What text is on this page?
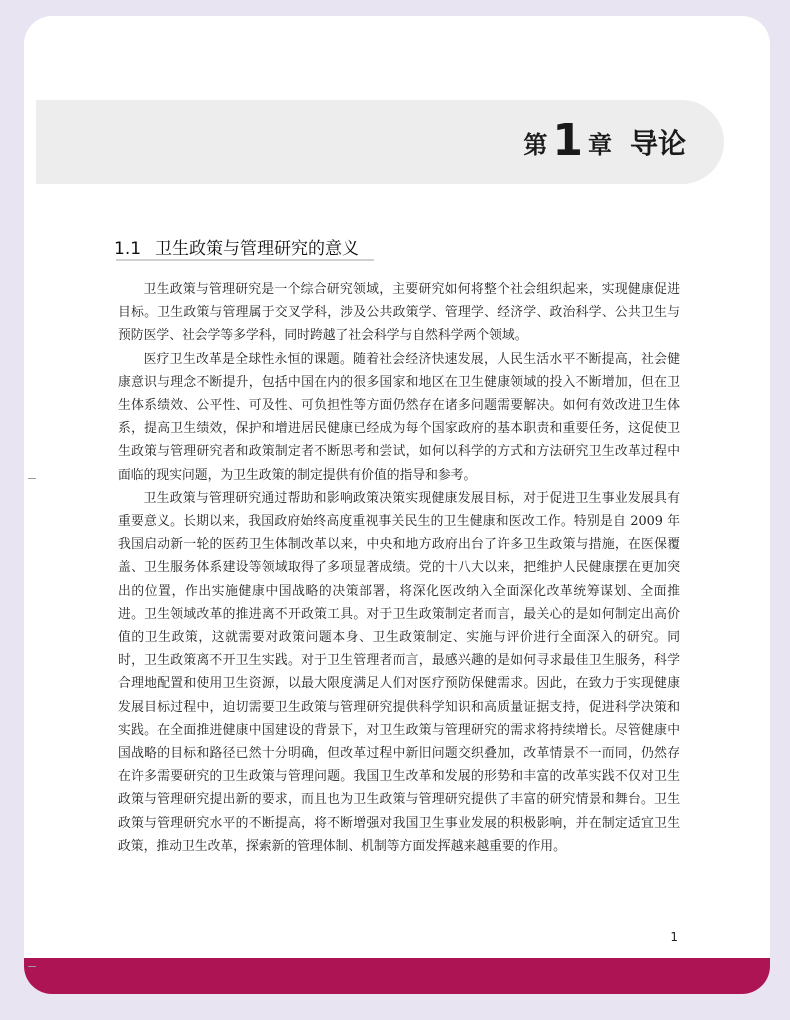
第 1 章 导论
1.1 卫生政策与管理研究的意义

卫生政策与管理研究是一个综合研究领域，主要研究如何将整个社会组织起来，实现健康促进目标。卫生政策与管理属于交叉学科，涉及公共政策学、管理学、经济学、政治科学、公共卫生与预防医学、社会学等多学科，同时跨越了社会科学与自然科学两个领域。

医疗卫生改革是全球性永恒的课题。随着社会经济快速发展，人民生活水平不断提高，社会健康意识与理念不断提升，包括中国在内的很多国家和地区在卫生健康领域的投入不断增加，但在卫生体系绩效、公平性、可及性、可负担性等方面仍然存在诸多问题需要解决。如何有效改进卫生体系，提高卫生绩效，保护和增进居民健康已经成为每个国家政府的基本职责和重要任务，这促使卫生政策与管理研究者和政策制定者不断思考和尝试，如何以科学的方式和方法研究卫生改革过程中面临的现实问题，为卫生政策的制定提供有价值的指导和参考。

卫生政策与管理研究通过帮助和影响政策决策实现健康发展目标，对于促进卫生事业发展具有重要意义。长期以来，我国政府始终高度重视事关民生的卫生健康和医改工作。特别是自 2009 年我国启动新一轮的医药卫生体制改革以来，中央和地方政府出台了许多卫生政策与措施，在医保覆盖、卫生服务体系建设等领域取得了多项显著成绩。党的十八大以来，把维护人民健康摆在更加突出的位置，作出实施健康中国战略的决策部署，将深化医改纳入全面深化改革统筹谋划、全面推进。卫生领域改革的推进离不开政策工具。对于卫生政策制定者而言，最关心的是如何制定出高价值的卫生政策，这就需要对政策问题本身、卫生政策制定、实施与评价进行全面深入的研究。同时，卫生政策离不开卫生实践。对于卫生管理者而言，最感兴趣的是如何寻求最佳卫生服务，科学合理地配置和使用卫生资源，以最大限度满足人们对医疗预防保健需求。因此，在致力于实现健康发展目标过程中，迫切需要卫生政策与管理研究提供科学知识和高质量证据支持，促进科学决策和实践。在全面推进健康中国建设的背景下，对卫生政策与管理研究的需求将持续增长。尽管健康中国战略的目标和路径已然十分明确，但改革过程中新旧问题交织叠加，改革情景不一而同，仍然存在许多需要研究的卫生政策与管理问题。我国卫生改革和发展的形势和丰富的改革实践不仅对卫生政策与管理研究提出新的要求，而且也为卫生政策与管理研究提供了丰富的研究情景和舞台。卫生政策与管理研究水平的不断提高，将不断增强对我国卫生事业发展的积极影响，并在制定适宜卫生政策，推动卫生改革，探索新的管理体制、机制等方面发挥越来越重要的作用。

1
